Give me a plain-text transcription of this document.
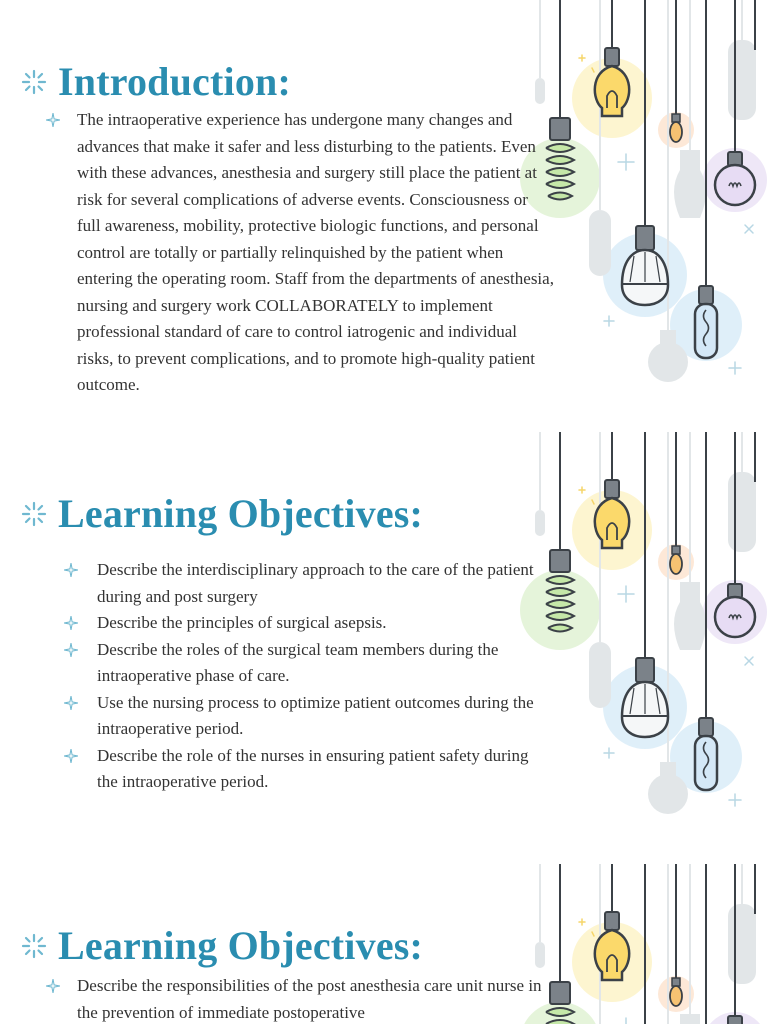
Introduction:

The intraoperative experience has undergone many changes and advances that make it safer and less disturbing to the patients. Even with these advances, anesthesia and surgery still place the patient at risk for several complications of adverse events. Consciousness or full awareness, mobility, protective biologic functions, and personal control are totally or partially relinquished by the patient when entering the operating room. Staff from the departments of anesthesia, nursing and surgery work COLLABORATELY to implement professional standard of care to control iatrogenic and individual risks, to prevent complications, and to promote high-quality patient outcome.

Learning Objectives:
Describe the interdisciplinary approach to the care of the patient during and post surgery
Describe the principles of surgical asepsis.
Describe the roles of the surgical team members during the intraoperative phase of care.
Use the nursing process to optimize patient outcomes during the intraoperative period.
Describe the role of the nurses in ensuring patient safety during the intraoperative period.
Learning Objectives:

Describe the responsibilities of the post anesthesia care unit nurse in the prevention of immediate postoperative
